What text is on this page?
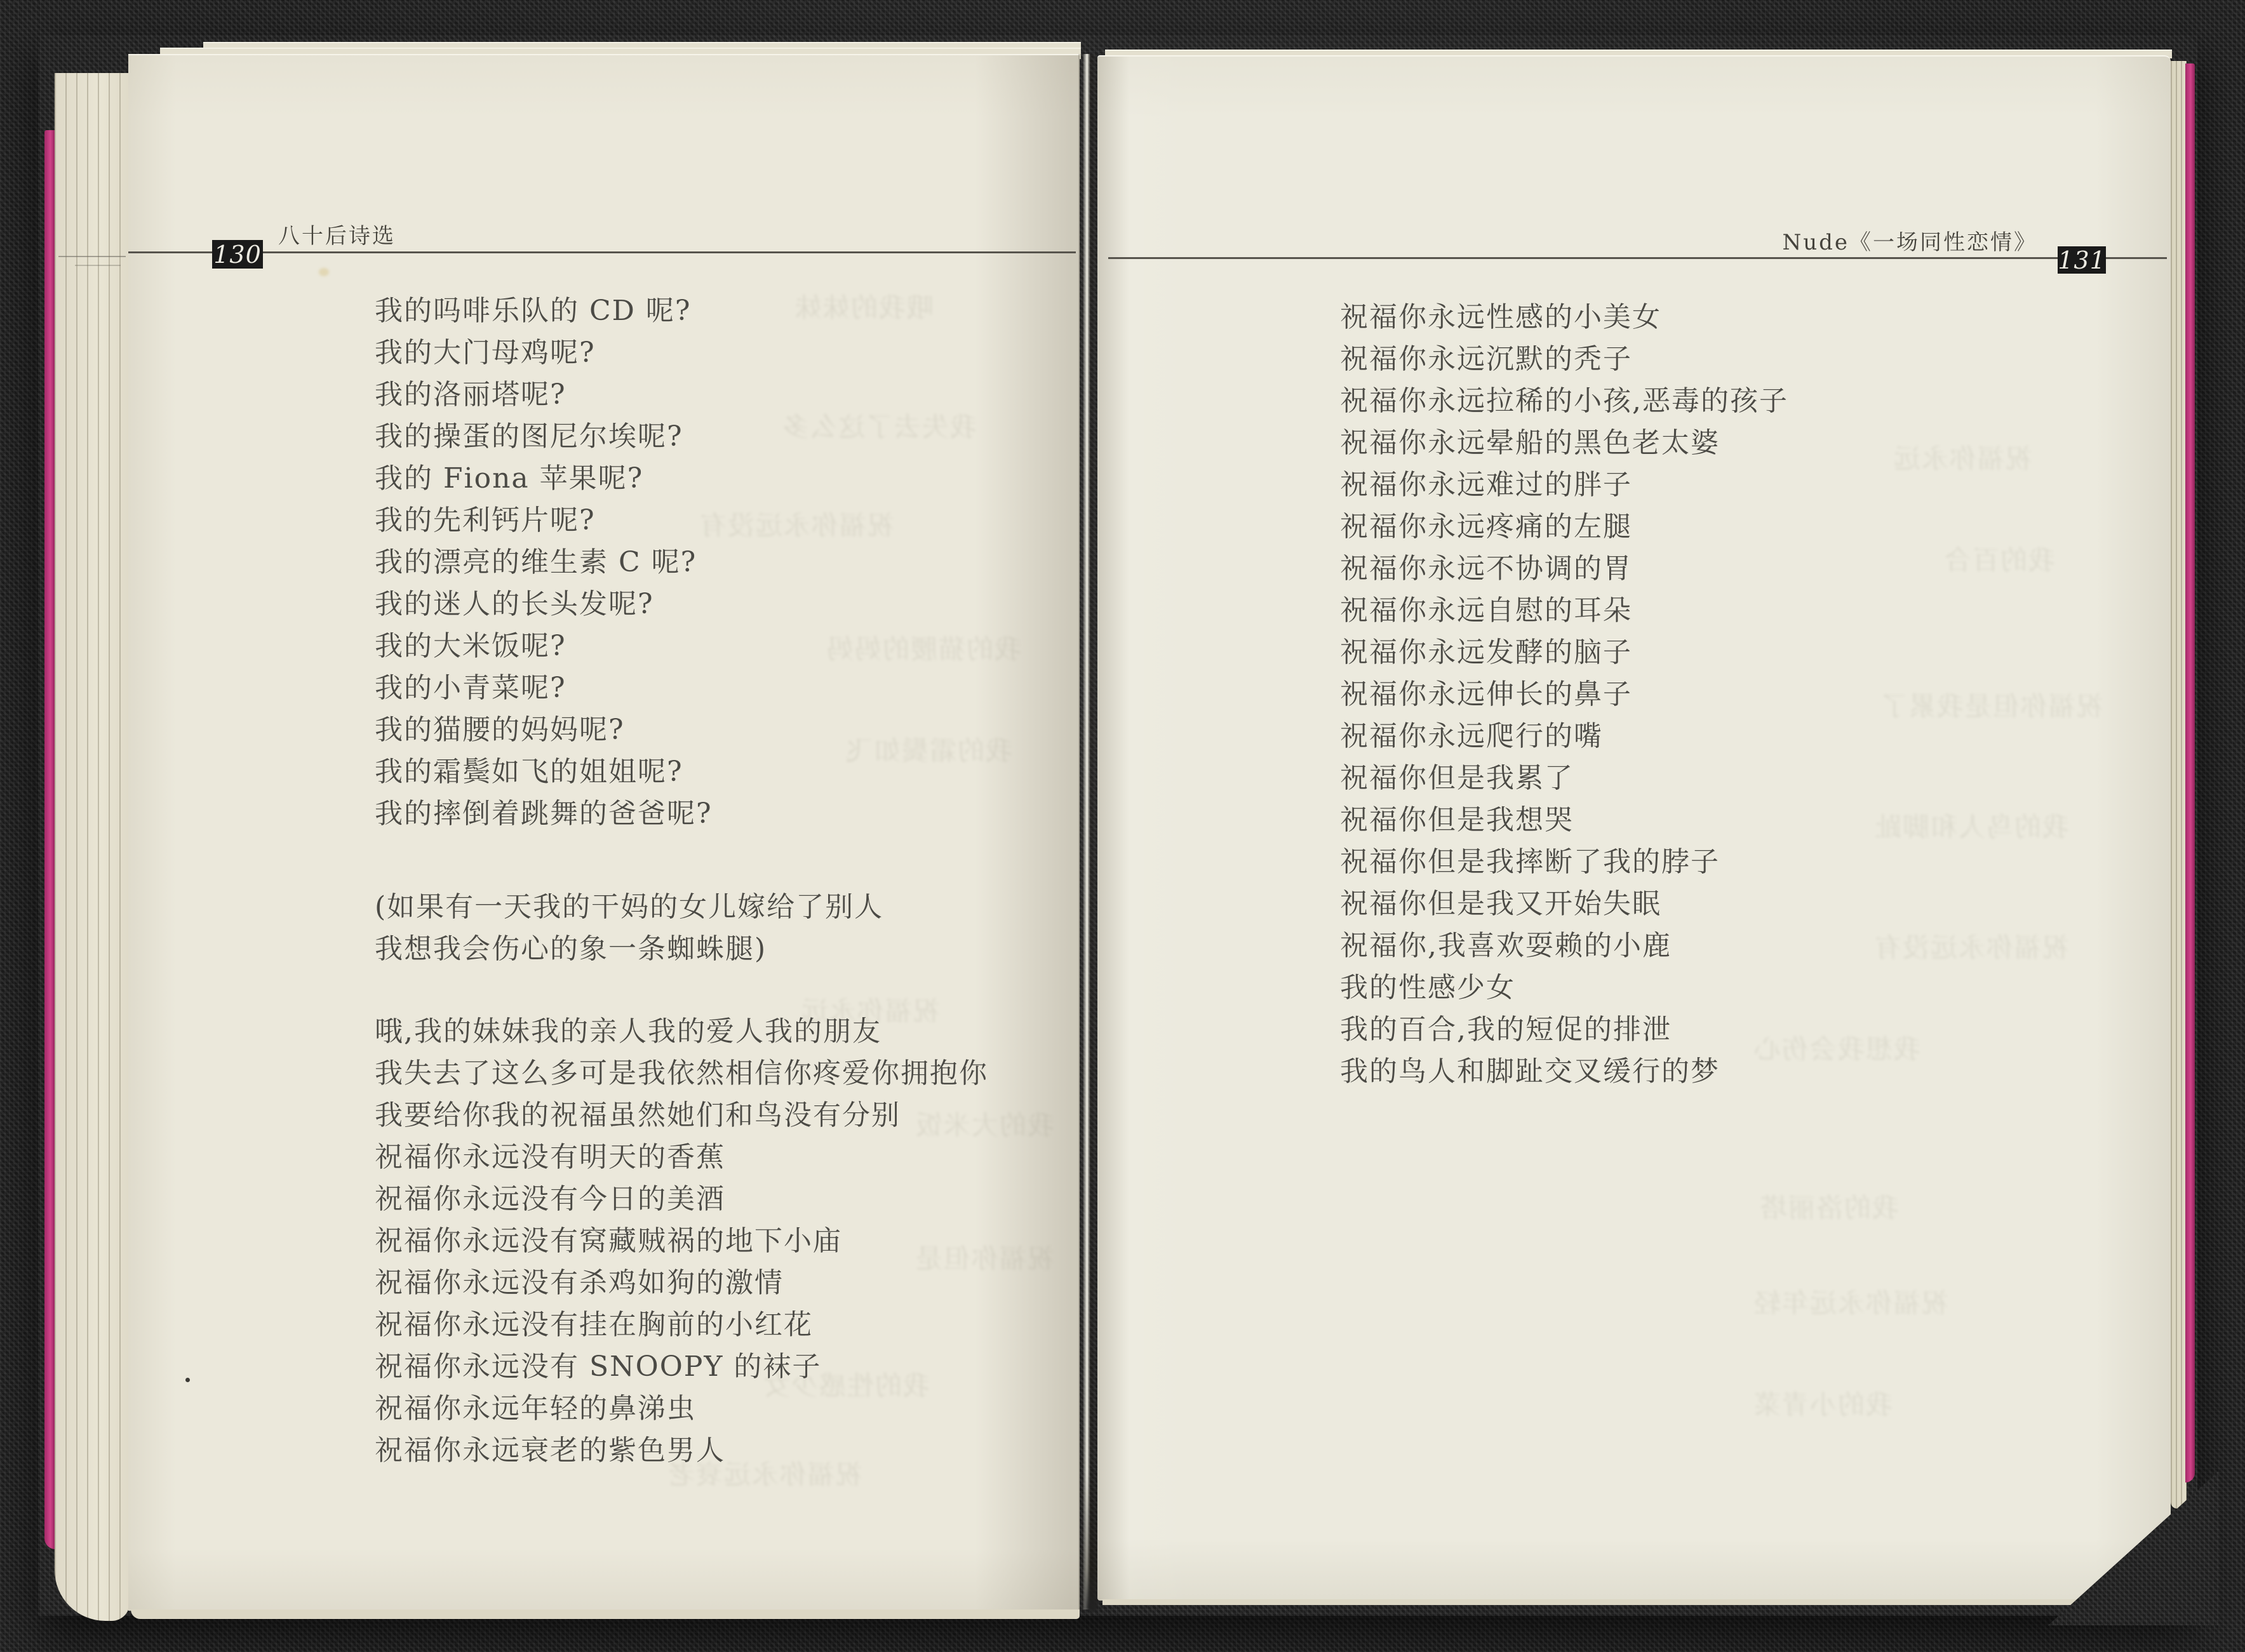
130
八十后诗选
131
Nude《一场同性恋情》
我的吗啡乐队的 CD 呢?
我的大门母鸡呢?
我的洛丽塔呢?
我的操蛋的图尼尔埃呢?
我的 Fiona 苹果呢?
我的先利钙片呢?
我的漂亮的维生素 C 呢?
我的迷人的长头发呢?
我的大米饭呢?
我的小青菜呢?
我的猫腰的妈妈呢?
我的霜鬓如飞的姐姐呢?
我的摔倒着跳舞的爸爸呢?
(如果有一天我的干妈的女儿嫁给了别人
我想我会伤心的象一条蜘蛛腿)
哦,我的妹妹我的亲人我的爱人我的朋友
我失去了这么多可是我依然相信你疼爱你拥抱你
我要给你我的祝福虽然她们和鸟没有分别
祝福你永远没有明天的香蕉
祝福你永远没有今日的美酒
祝福你永远没有窝藏贼祸的地下小庙
祝福你永远没有杀鸡如狗的激情
祝福你永远没有挂在胸前的小红花
祝福你永远没有 SNOOPY 的袜子
祝福你永远年轻的鼻涕虫
祝福你永远衰老的紫色男人
祝福你永远性感的小美女
祝福你永远沉默的秃子
祝福你永远拉稀的小孩,恶毒的孩子
祝福你永远晕船的黑色老太婆
祝福你永远难过的胖子
祝福你永远疼痛的左腿
祝福你永远不协调的胃
祝福你永远自慰的耳朵
祝福你永远发酵的脑子
祝福你永远伸长的鼻子
祝福你永远爬行的嘴
祝福你但是我累了
祝福你但是我想哭
祝福你但是我摔断了我的脖子
祝福你但是我又开始失眠
祝福你,我喜欢耍赖的小鹿
我的性感少女
我的百合,我的短促的排泄
我的鸟人和脚趾交叉缓行的梦
哦我的妹妹
我失去了这么多
祝福你永远没有
我的猫腰的妈妈
我的霜鬓如飞
祝福你永远
我的大米饭
祝福你但是
我的性感少女
祝福你永远衰老
祝福你永远
我的百合
祝福你但是我累了
我的鸟人和脚趾
祝福你永远没有
我想我会伤心
我的洛丽塔
祝福你永远年轻
我的小青菜
